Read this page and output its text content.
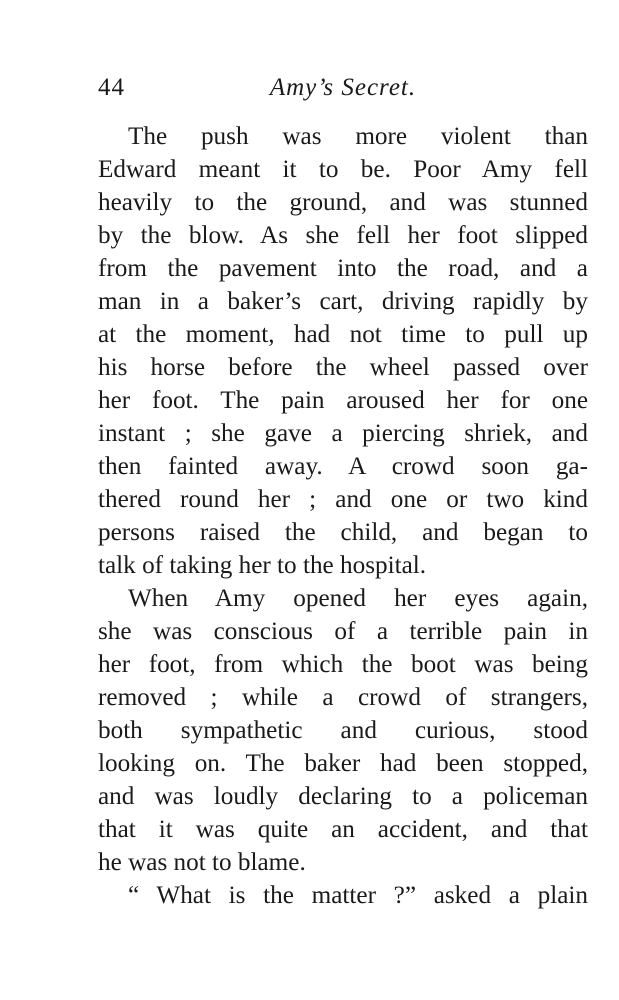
44	Amy’s Secret.
The push was more violent than
Edward meant it to be. Poor Amy fell
heavily to the ground, and was stunned
by the blow. As she fell her foot slipped
from the pavement into the road, and a
man in a baker’s cart, driving rapidly by
at the moment, had not time to pull up
his horse before the wheel passed over
her foot. The pain aroused her for one
instant ; she gave a piercing shriek, and
then fainted away. A crowd soon ga-
thered round her ; and one or two kind
persons raised the child, and began to
talk of taking her to the hospital.
When Amy opened her eyes again,
she was conscious of a terrible pain in
her foot, from which the boot was being
removed ; while a crowd of strangers,
both sympathetic and curious, stood
looking on. The baker had been stopped,
and was loudly declaring to a policeman
that it was quite an accident, and that
he was not to blame.
“ What is the matter ?” asked a plain
